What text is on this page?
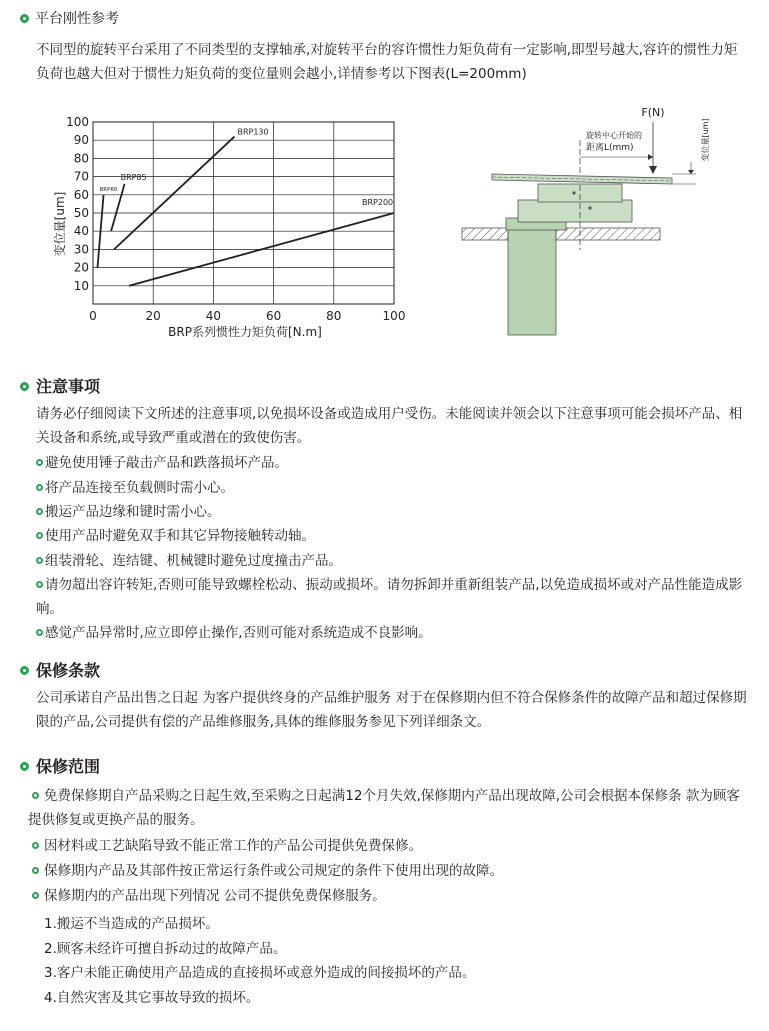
平台刚性参考

不同型的旋转平台采用了不同类型的支撑轴承,对旋转平台的容许惯性力矩负荷有一定影响,即型号越大,容许的惯性力矩负荷也越大但对于惯性力矩负荷的变位量则会越小,详情参考以下图表(L=200mm)

BRP60
BRP85
BRP130
BRP200
10
20
30
40
50
60
70
80
90
100
0	20	40	60	80	100
BRP系列惯性力矩负荷[N.m]
变位量[um]
F(N)
旋转中心开始的
距离L(mm)	变位量[um]
注意事项

请务必仔细阅读下文所述的注意事项,以免损坏设备或造成用户受伤。未能阅读并领会以下注意事项可能会损坏产品、相关设备和系统,或导致严重或潜在的致使伤害。

避免使用锤子敲击产品和跌落损坏产品。

将产品连接至负载侧时需小心。

搬运产品边缘和键时需小心。

使用产品时避免双手和其它异物接触转动轴。

组装滑轮、连结键、机械键时避免过度撞击产品。

请勿超出容许转矩,否则可能导致螺栓松动、振动或损坏。请勿拆卸并重新组装产品,以免造成损坏或对产品性能造成影响。

感觉产品异常时,应立即停止操作,否则可能对系统造成不良影响。

保修条款

公司承诺自产品出售之日起 为客户提供终身的产品维护服务 对于在保修期内但不符合保修条件的故障产品和超过保修期限的产品,公司提供有偿的产品维修服务,具体的维修服务参见下列详细条文。

保修范围

免费保修期自产品采购之日起生效,至采购之日起满12个月失效,保修期内产品出现故障,公司会根据本保修条 款为顾客提供修复或更换产品的服务。

因材料或工艺缺陷导致不能正常工作的产品公司提供免费保修。

保修期内产品及其部件按正常运行条件或公司规定的条件下使用出现的故障。

保修期内的产品出现下列情况 公司不提供免费保修服务。

1.搬运不当造成的产品损坏。
2.顾客未经许可擅自拆动过的故障产品。
3.客户未能正确使用产品造成的直接损坏或意外造成的间接损坏的产品。
4.自然灾害及其它事故导致的损坏。
